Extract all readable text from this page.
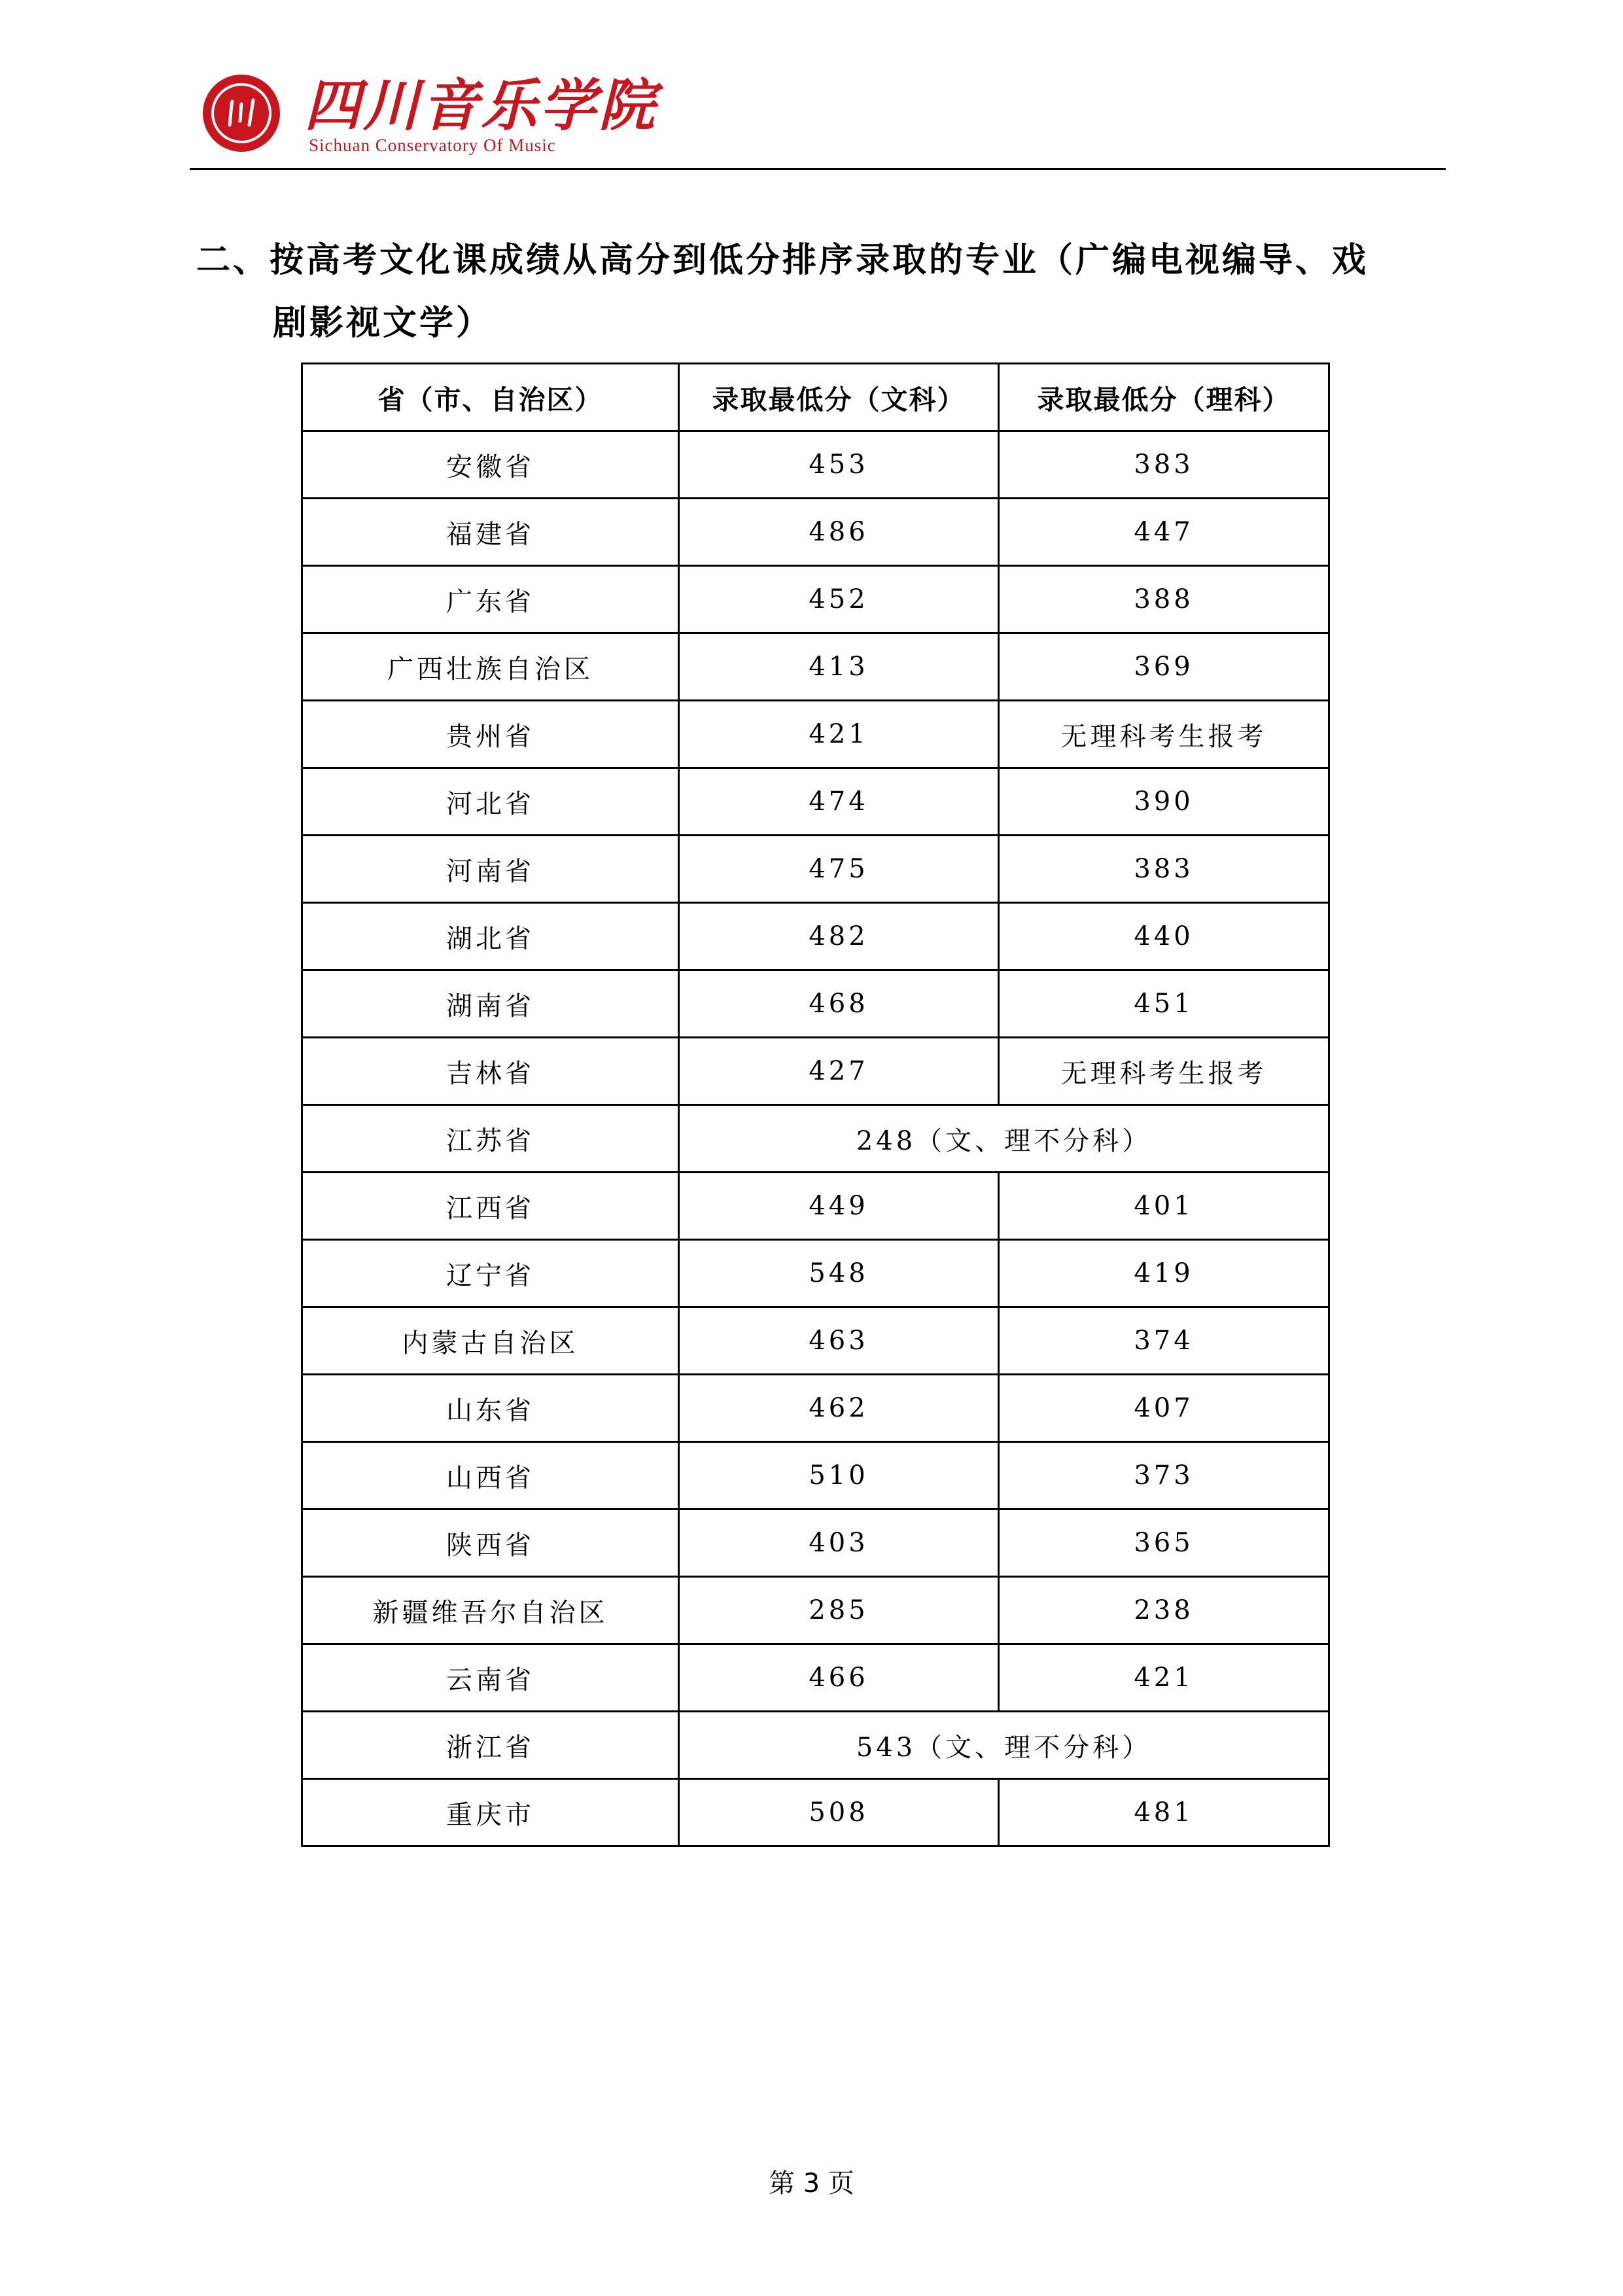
四川音乐学院
Sichuan Conservatory Of Music
二、按高考文化课成绩从高分到低分排序录取的专业（广编电视编导、戏
剧影视文学）
省（市、自治区）	录取最低分（文科）	录取最低分（理科）
安徽省	453	383
福建省	486	447
广东省	452	388
广西壮族自治区	413	369
贵州省	421	无理科考生报考
河北省	474	390
河南省	475	383
湖北省	482	440
湖南省	468	451
吉林省	427	无理科考生报考
江苏省	248（文、理不分科）	
江西省	449	401
辽宁省	548	419
内蒙古自治区	463	374
山东省	462	407
山西省	510	373
陕西省	403	365
新疆维吾尔自治区	285	238
云南省	466	421
浙江省	543（文、理不分科）	
重庆市	508	481
第 3 页
